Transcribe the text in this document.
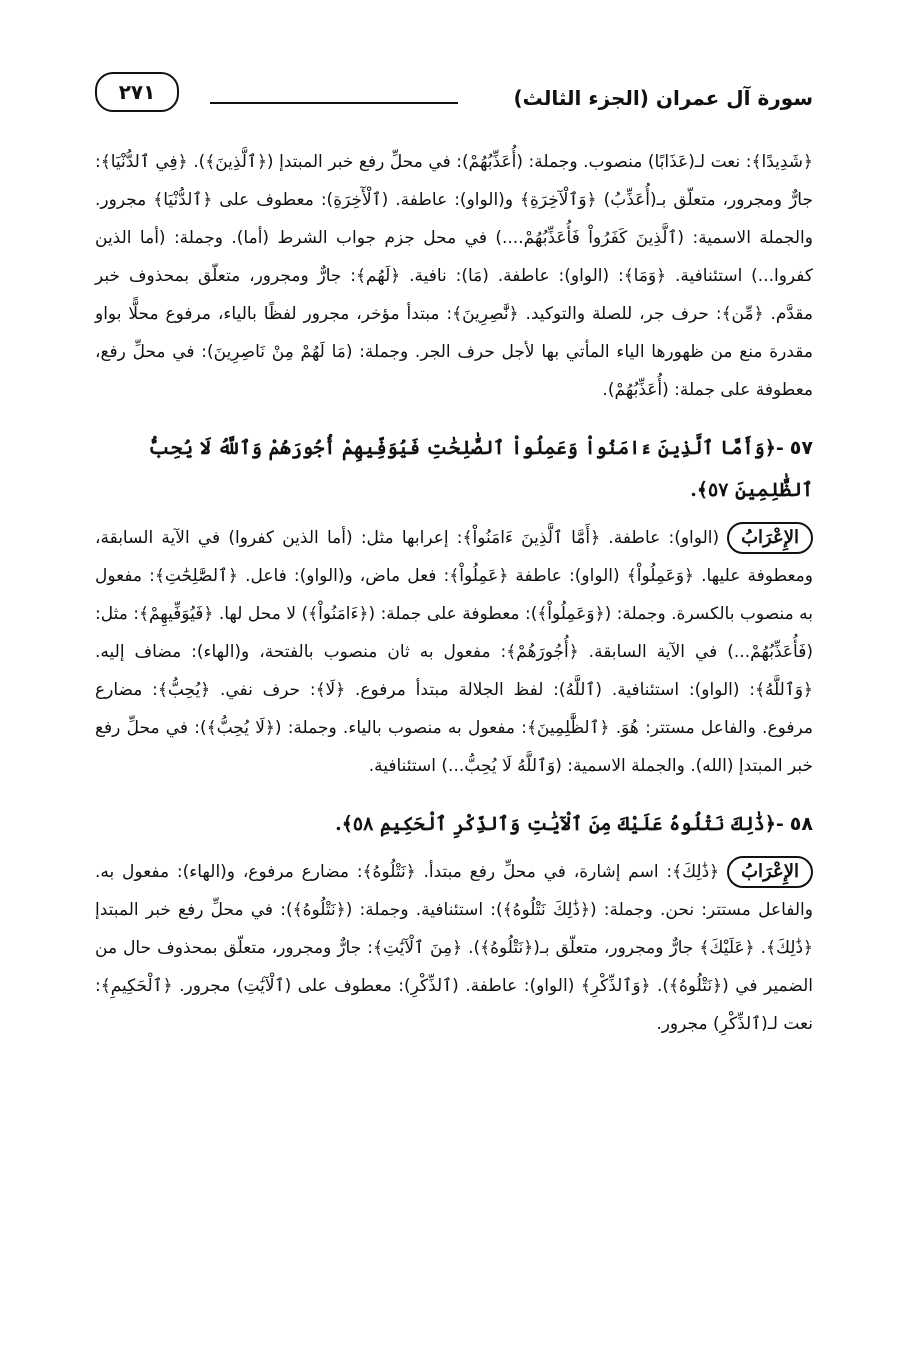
سورة آل عمران (الجزء الثالث)
٢٧١

﴿شَدِيدًا﴾: نعت لـ(عَذَابًا) منصوب. وجملة: (أُعَذِّبُهُمْ): في محلِّ رفع خبر المبتدإ (﴿ٱلَّذِينَ﴾). ﴿فِي ٱلدُّنْيَا﴾: جارٌّ ومجرور، متعلّق بـ(أُعَذِّبُ) ﴿وَٱلْآخِرَةِ﴾ و(الواو): عاطفة. (ٱلْأٓخِرَةِ): معطوف على ﴿ٱلدُّنْيَا﴾ مجرور. والجملة الاسمية: (ٱلَّذِينَ كَفَرُواْ فَأُعَذِّبُهُمْ....) في محل جزم جواب الشرط (أما). وجملة: (أما الذين كفروا...) استئنافية. ﴿وَمَا﴾: (الواو): عاطفة. (مَا): نافية. ﴿لَهُم﴾: جارٌّ ومجرور، متعلّق بمحذوف خبر مقدَّم. ﴿مِّن﴾: حرف جر، للصلة والتوكيد. ﴿نَّٰصِرِينَ﴾: مبتدأ مؤخر، مجرور لفظًا بالياء، مرفوع محلًّا بواو مقدرة منع من ظهورها الياء المأتي بها لأجل حرف الجر. وجملة: (مَا لَهُمْ مِنْ نَاصِرِينَ): في محلِّ رفع، معطوفة على جملة: (أُعَذِّبُهُمْ).

٥٧-﴿وَأَمَّا ٱلَّذِينَ ءَامَنُواْ وَعَمِلُواْ ٱلصَّٰلِحَٰتِ فَيُوَفِّيهِمْ أُجُورَهُمْ وَٱللَّهُ لَا يُحِبُّ ٱلظَّٰلِمِينَ ٥٧﴾.

الإِعْرَابُ(الواو): عاطفة. ﴿أَمَّا ٱلَّذِينَ ءَامَنُواْ﴾: إعرابها مثل: (أما الذين كفروا) في الآية السابقة، ومعطوفة عليها. ﴿وَعَمِلُواْ﴾ (الواو): عاطفة ﴿عَمِلُواْ﴾: فعل ماض، و(الواو): فاعل. ﴿ٱلصَّٰلِحَٰتِ﴾: مفعول به منصوب بالكسرة. وجملة: (﴿وَعَمِلُواْ﴾): معطوفة على جملة: (﴿ءَامَنُواْ﴾) لا محل لها. ﴿فَيُوَفِّيهِمْ﴾: مثل: (فَأُعَذِّبُهُمْ...) في الآية السابقة. ﴿أُجُورَهُمْ﴾: مفعول به ثان منصوب بالفتحة، و(الهاء): مضاف إليه. ﴿وَٱللَّهُ﴾: (الواو): استئنافية. (ٱللَّهُ): لفظ الجلالة مبتدأ مرفوع. ﴿لَا﴾: حرف نفي. ﴿يُحِبُّ﴾: مضارع مرفوع. والفاعل مستتر: هُوَ. ﴿ٱلظَّٰلِمِينَ﴾: مفعول به منصوب بالياء. وجملة: (﴿لَا يُحِبُّ﴾): في محلِّ رفع خبر المبتدإ (الله). والجملة الاسمية: (وَٱللَّهُ لَا يُحِبُّ...) استئنافية.

٥٨-﴿ذَٰلِكَ نَتْلُوهُ عَلَيْكَ مِنَ ٱلْآيَٰتِ وَٱلذِّكْرِ ٱلْحَكِيمِ ٥٨﴾.

الإِعْرَابُ﴿ذَٰلِكَ﴾: اسم إشارة، في محلِّ رفع مبتدأ. ﴿نَتْلُوهُ﴾: مضارع مرفوع، و(الهاء): مفعول به. والفاعل مستتر: نحن. وجملة: (﴿ذَٰلِكَ نَتْلُوهُ﴾): استئنافية. وجملة: (﴿نَتْلُوهُ﴾): في محلِّ رفع خبر المبتدإ ﴿ذَٰلِكَ﴾. ﴿عَلَيْكَ﴾ جارٌّ ومجرور، متعلّق بـ(﴿نَتْلُوهُ﴾). ﴿مِنَ ٱلْآيَٰتِ﴾: جارٌّ ومجرور، متعلّق بمحذوف حال من الضمير في (﴿نَتْلُوهُ﴾). ﴿وَٱلذِّكْرِ﴾ (الواو): عاطفة. (ٱلذِّكْرِ): معطوف على (ٱلْآيَٰتِ) مجرور. ﴿ٱلْحَكِيمِ﴾: نعت لـ(ٱلذِّكْرِ) مجرور.
